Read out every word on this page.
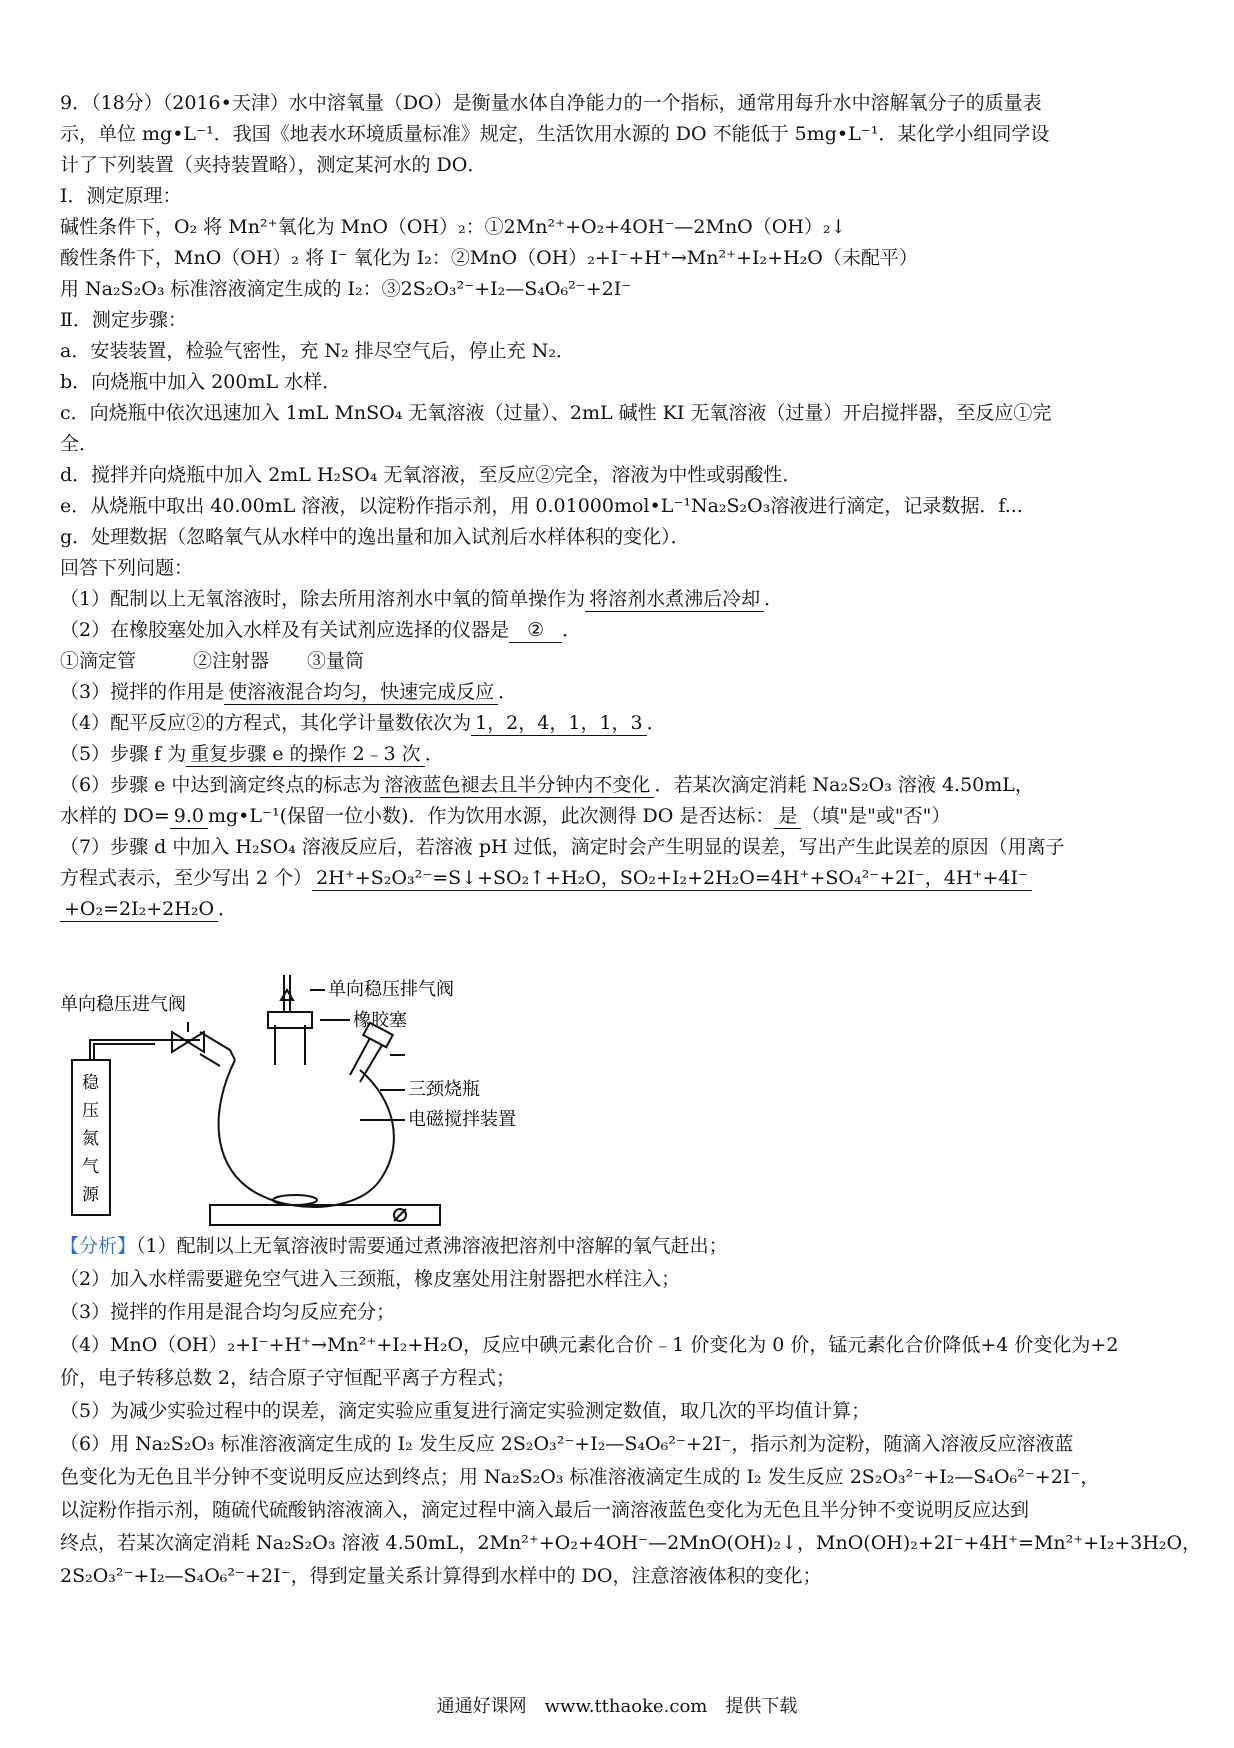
9．（18分）（2016•天津）水中溶氧量（DO）是衡量水体自净能力的一个指标，通常用每升水中溶解氧分子的质量表
示，单位 mg•L⁻¹．我国《地表水环境质量标准》规定，生活饮用水源的 DO 不能低于 5mg•L⁻¹．某化学小组同学设
计了下列装置（夹持装置略），测定某河水的 DO．
Ⅰ．测定原理：
碱性条件下，O₂ 将 Mn²⁺氧化为 MnO（OH）₂：①2Mn²⁺+O₂+4OH⁻—2MnO（OH）₂↓
酸性条件下，MnO（OH）₂ 将 I⁻ 氧化为 I₂：②MnO（OH）₂+I⁻+H⁺→Mn²⁺+I₂+H₂O（未配平）
用 Na₂S₂O₃ 标准溶液滴定生成的 I₂：③2S₂O₃²⁻+I₂—S₄O₆²⁻+2I⁻
Ⅱ．测定步骤：
a．安装装置，检验气密性，充 N₂ 排尽空气后，停止充 N₂．
b．向烧瓶中加入 200mL 水样．
c．向烧瓶中依次迅速加入 1mL MnSO₄ 无氧溶液（过量）、2mL 碱性 KI 无氧溶液（过量）开启搅拌器，至反应①完
全．
d．搅拌并向烧瓶中加入 2mL H₂SO₄ 无氧溶液，至反应②完全，溶液为中性或弱酸性．
e．从烧瓶中取出 40.00mL 溶液，以淀粉作指示剂，用 0.01000mol•L⁻¹Na₂S₂O₃溶液进行滴定，记录数据．f...
g．处理数据（忽略氧气从水样中的逸出量和加入试剂后水样体积的变化）．
回答下列问题：
（1）配制以上无氧溶液时，除去所用溶剂水中氧的简单操作为 将溶剂水煮沸后冷却 ．
（2）在橡胶塞处加入水样及有关试剂应选择的仪器是 ② ．
①滴定管　　　②注射器　　③量筒
（3）搅拌的作用是 使溶液混合均匀，快速完成反应 ．
（4）配平反应②的方程式，其化学计量数依次为 1，2，4，1，1，3 ．
（5）步骤 f 为 重复步骤 e 的操作 2﹣3 次 ．
（6）步骤 e 中达到滴定终点的标志为 溶液蓝色褪去且半分钟内不变化 ．若某次滴定消耗 Na₂S₂O₃ 溶液 4.50mL，
水样的 DO= 9.0 mg•L⁻¹(保留一位小数)．作为饮用水源，此次测得 DO 是否达标： 是 （填"是"或"否"）
（7）步骤 d 中加入 H₂SO₄ 溶液反应后，若溶液 pH 过低，滴定时会产生明显的误差，写出产生此误差的原因（用离子
方程式表示，至少写出 2 个） 2H⁺+S₂O₃²⁻=S↓+SO₂↑+H₂O，SO₂+I₂+2H₂O=4H⁺+SO₄²⁻+2I⁻，4H⁺+4I⁻
+O₂=2I₂+2H₂O ．
单向稳压进气阀
单向稳压排气阀
橡胶塞
三颈烧瓶
电磁搅拌装置
稳
压
氮
气
源
【分析】（1）配制以上无氧溶液时需要通过煮沸溶液把溶剂中溶解的氧气赶出；
（2）加入水样需要避免空气进入三颈瓶，橡皮塞处用注射器把水样注入；
（3）搅拌的作用是混合均匀反应充分；
（4）MnO（OH）₂+I⁻+H⁺→Mn²⁺+I₂+H₂O，反应中碘元素化合价﹣1 价变化为 0 价，锰元素化合价降低+4 价变化为+2
价，电子转移总数 2，结合原子守恒配平离子方程式；
（5）为减少实验过程中的误差，滴定实验应重复进行滴定实验测定数值，取几次的平均值计算；
（6）用 Na₂S₂O₃ 标准溶液滴定生成的 I₂ 发生反应 2S₂O₃²⁻+I₂—S₄O₆²⁻+2I⁻，指示剂为淀粉，随滴入溶液反应溶液蓝
色变化为无色且半分钟不变说明反应达到终点；用 Na₂S₂O₃ 标准溶液滴定生成的 I₂ 发生反应 2S₂O₃²⁻+I₂—S₄O₆²⁻+2I⁻，
以淀粉作指示剂，随硫代硫酸钠溶液滴入，滴定过程中滴入最后一滴溶液蓝色变化为无色且半分钟不变说明反应达到
终点，若某次滴定消耗 Na₂S₂O₃ 溶液 4.50mL，2Mn²⁺+O₂+4OH⁻—2MnO(OH)₂↓，MnO(OH)₂+2I⁻+4H⁺=Mn²⁺+I₂+3H₂O，
2S₂O₃²⁻+I₂—S₄O₆²⁻+2I⁻，得到定量关系计算得到水样中的 DO，注意溶液体积的变化；
通通好课网　www.tthaoke.com　提供下载
